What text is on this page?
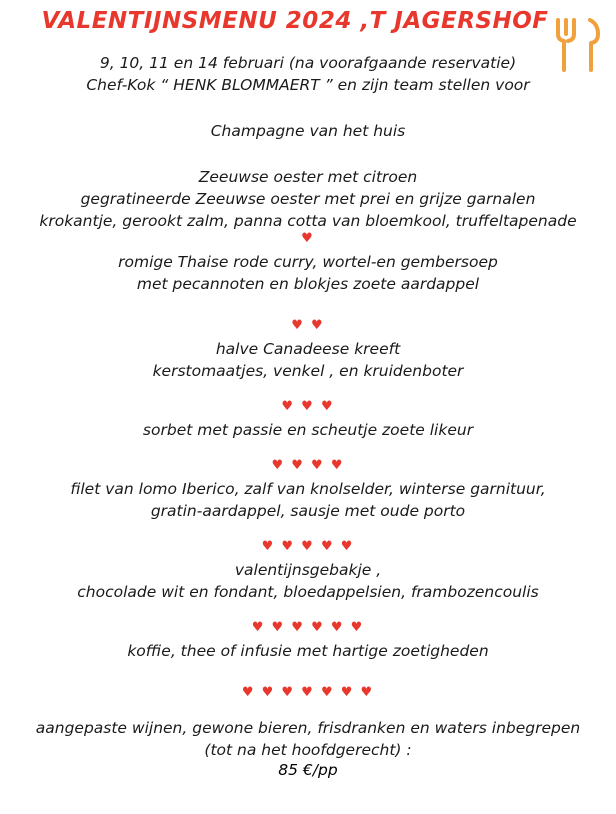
VALENTIJNSMENU 2024 ,T JAGERSHOF
9, 10, 11 en 14 februari (na voorafgaande reservatie)
Chef-Kok “ HENK BLOMMAERT ” en zijn team stellen voor
Champagne van het huis
Zeeuwse oester met citroen
gegratineerde Zeeuwse oester met prei en grijze garnalen
krokantje, gerookt zalm, panna cotta van bloemkool, truffeltapenade
♥
romige Thaise rode curry, wortel-en gembersoep
met pecannoten en blokjes zoete aardappel
♥ ♥
halve Canadeese kreeft
kerstomaatjes, venkel , en kruidenboter
♥ ♥ ♥
sorbet met passie en scheutje zoete likeur
♥ ♥ ♥ ♥
filet van lomo Iberico, zalf van knolselder, winterse garnituur,
gratin-aardappel, sausje met oude porto
♥ ♥ ♥ ♥ ♥
valentijnsgebakje ,
chocolade wit en fondant, bloedappelsien, frambozencoulis
♥ ♥ ♥ ♥ ♥ ♥
koffie, thee of infusie met hartige zoetigheden
♥ ♥ ♥ ♥ ♥ ♥ ♥
aangepaste wijnen, gewone bieren, frisdranken en waters inbegrepen
(tot na het hoofdgerecht) :
85 €/pp
